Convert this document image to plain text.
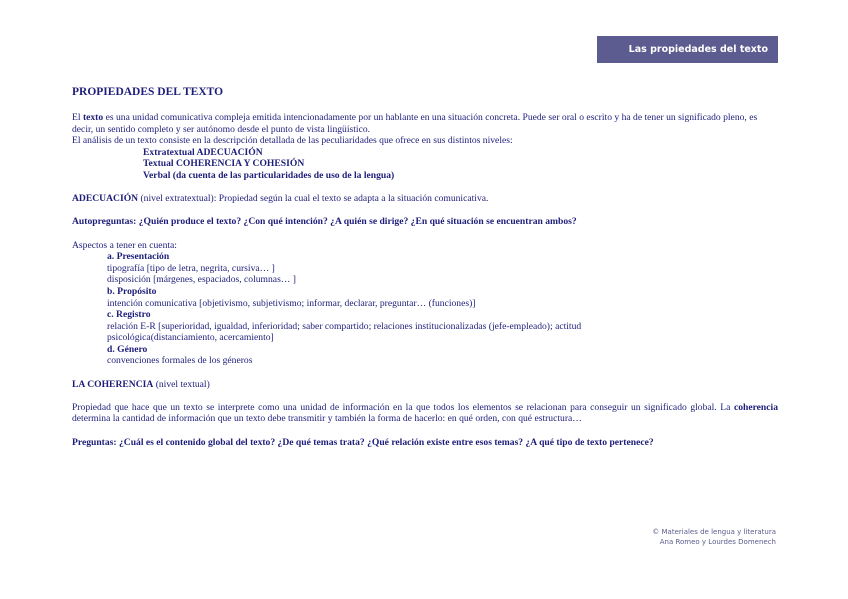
Las propiedades del texto
PROPIEDADES DEL TEXTO

El texto es una unidad comunicativa compleja emitida intencionadamente por un hablante en una situación concreta. Puede ser oral o escrito y ha de tener un significado pleno, es decir, un sentido completo y ser autónomo desde el punto de vista lingüístico.

El análisis de un texto consiste en la descripción detallada de las peculiaridades que ofrece en sus distintos niveles:

Extratextual ADECUACIÓN
Textual COHERENCIA Y COHESIÓN
Verbal (da cuenta de las particularidades de uso de la lengua)

ADECUACIÓN (nivel extratextual): Propiedad según la cual el texto se adapta a la situación comunicativa.

Autopreguntas: ¿Quién produce el texto? ¿Con qué intención? ¿A quién se dirige? ¿En qué situación se encuentran ambos?

Aspectos a tener en cuenta:

a. Presentación
tipografía [tipo de letra, negrita, cursiva… ]
disposición [márgenes, espaciados, columnas… ]
b. Propósito
intención comunicativa [objetivismo, subjetivismo; informar, declarar, preguntar… (funciones)]
c. Registro
relación E-R [superioridad, igualdad, inferioridad; saber compartido; relaciones institucionalizadas (jefe-empleado); actitud
psicológica(distanciamiento, acercamiento]
d. Género
convenciones formales de los géneros

LA COHERENCIA (nivel textual)

Propiedad que hace que un texto se interprete como una unidad de información en la que todos los elementos se relacionan para conseguir un significado global. La coherencia determina la cantidad de información que un texto debe transmitir y también la forma de hacerlo: en qué orden, con qué estructura…

Preguntas: ¿Cuál es el contenido global del texto? ¿De qué temas trata? ¿Qué relación existe entre esos temas? ¿A qué tipo de texto pertenece?

© Materiales de lengua y literatura
Ana Romeo y Lourdes Domenech
